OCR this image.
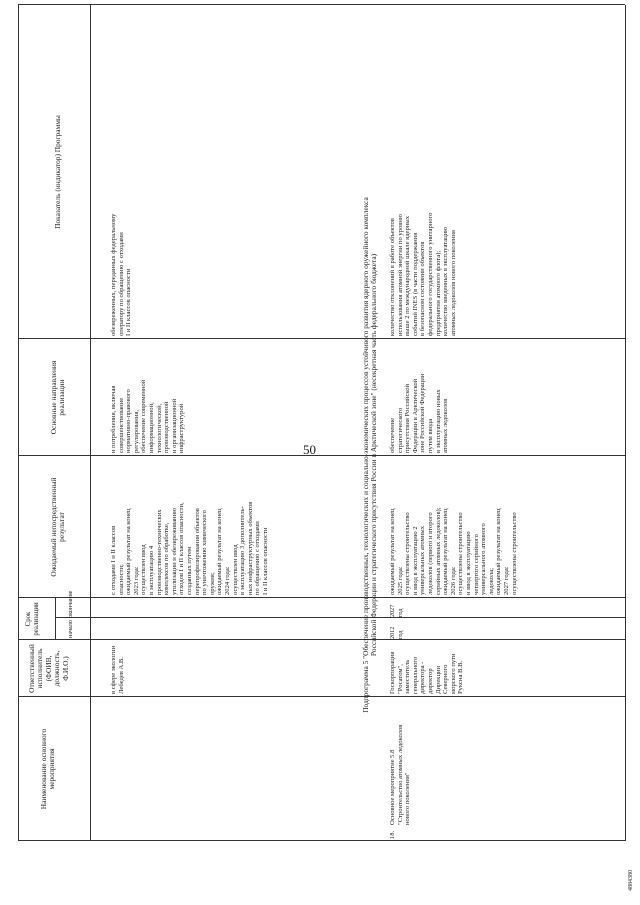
50
Наименование основного
мероприятия
Ответственный
исполнитель
(ФОИВ, должность,
Ф.И.О.)
Срок реализации	начало
окончание
Ожидаемый непосредственный
результат
Основные направления
реализации
Показатель (индикатор) Программы
в сфере экологии
Лебедев А.В.
с отходами I и II классов
опасности;
ожидаемый результат на конец
2023 года:
осуществлен ввод
в эксплуатацию 4
производственно-технических
комплексов по обработке,
утилизации и обезвреживанию
отходов I и II классов опасности,
созданных путем
перепрофилирования объектов
по уничтожению химического
оружия;
ожидаемый результат на конец
2024 года:
осуществлен ввод
в эксплуатацию 3 дополнитель-
ных инфраструктурных объектов
по обращению с отходами
I и II классов опасности
и потребления, включая
совершенствование
нормативно-правового
регулирования,
обеспечение современной
информационной,
технологической,
производственной
и организационной
инфраструктурой
обезвреженных, переданных федеральному
оператору по обращению с отходами
I и II классов опасности
Подпрограмма 5 "Обеспечение производственных, технологических и социально-экономических процессов устойчивого развития ядерного оружейного комплекса
Российской Федерации и стратегического присутствия России в Арктической зоне" (несекретная часть федерального бюджета)
18.
Основное мероприятие 5.8
"Строительство атомных ледоколов
нового поколения"
Госкорпорация
"Росатом",
заместитель
генерального
директора - директор
Дирекции Северного
морского пути
Руксна В.В.
2012 год
2027 год
ожидаемый результат на конец
2025 года:
осуществлены строительство
и ввод в эксплуатацию 2
универсальных атомных
ледоколов (первого и второго
серийных атомных ледоколов);
ожидаемый результат на конец
2026 года:
осуществлены строительство
и ввод в эксплуатацию
четвертого серийного
универсального атомного
ледокола;
ожидаемый результат на конец
2027 года:
осуществлены строительство
обеспечение
стратегического
присутствия Российской
Федерации в Арктической
зоне Российской Федерации
путем ввода
в эксплуатацию новых
атомных ледоколов
количество отклонений в работе объектов
использования атомной энергии по уровню
выше 2 по международной шкале ядерных
событий INES (в части поддержания
в безопасном состоянии объектов
федерального государственного унитарного
предприятия атомного флота);
количество введенных в эксплуатацию
атомных ледоколов нового поколения
4884380
